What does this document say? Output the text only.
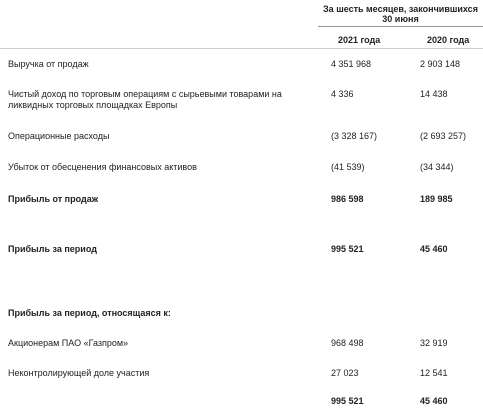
За шесть месяцев, закончившихся 30 июня
2021 года	2020 года
Выручка от продаж	4 351 968	2 903 148
Чистый доход по торговым операциям с сырьевыми товарами на ликвидных торговых площадках Европы
4 336	14 438
Операционные расходы	(3 328 167)	(2 693 257)
Убыток от обесценения финансовых активов	(41 539)	(34 344)
Прибыль от продаж	986 598	189 985
Прибыль за период	995 521	45 460
Прибыль за период, относящаяся к:
Акционерам ПАО «Газпром»	968 498	32 919
Неконтролирующей доле участия	27 023	12 541
995 521	45 460
